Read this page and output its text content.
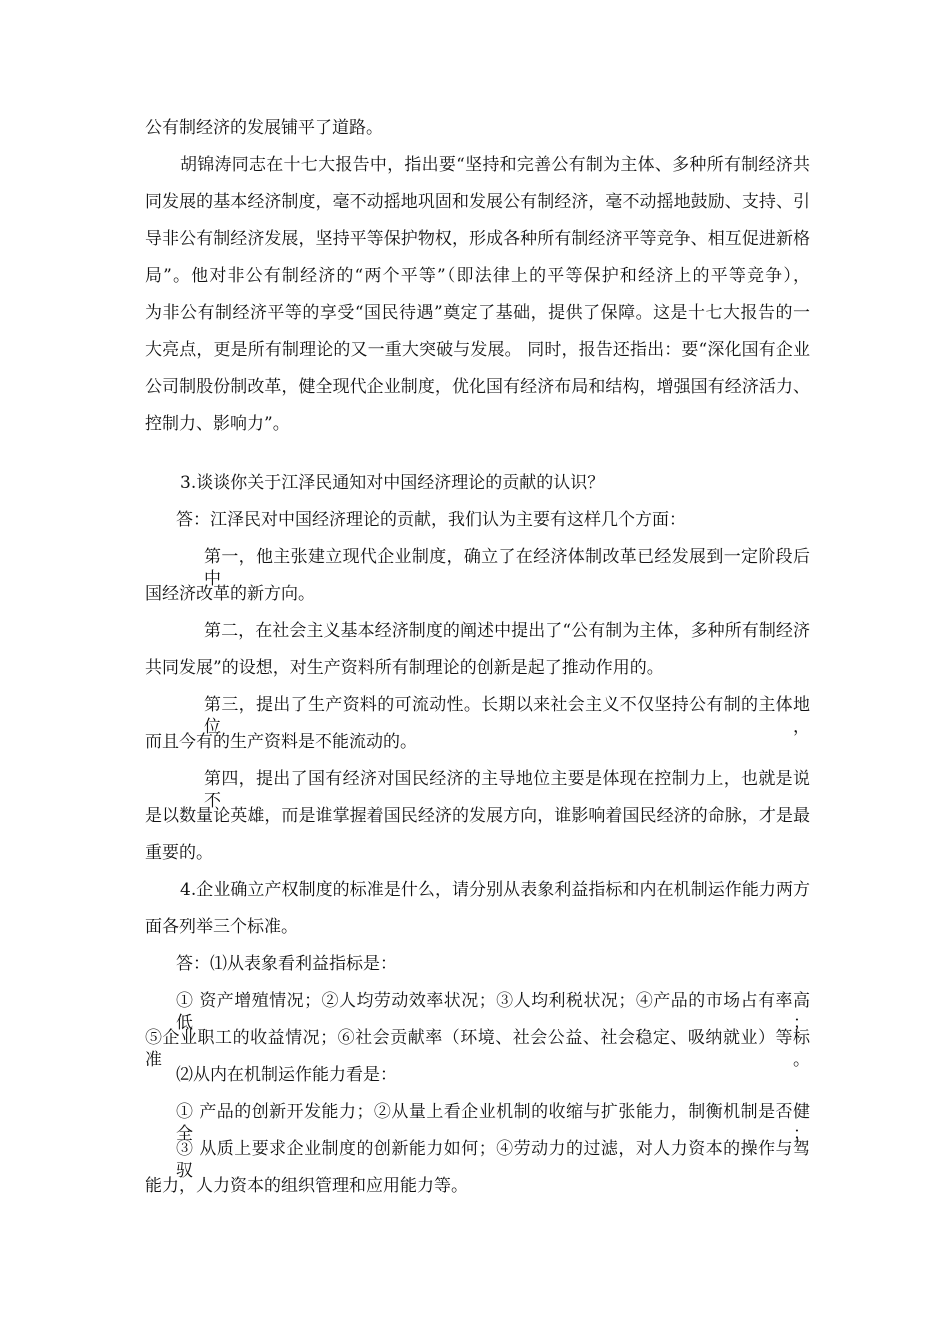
公有制经济的发展铺平了道路。
胡锦涛同志在十七大报告中，指出要“坚持和完善公有制为主体、多种所有制经济共
同发展的基本经济制度，毫不动摇地巩固和发展公有制经济，毫不动摇地鼓励、支持、引
导非公有制经济发展，坚持平等保护物权，形成各种所有制经济平等竞争、相互促进新格
局”。他对非公有制经济的“两个平等”（即法律上的平等保护和经济上的平等竞争），
为非公有制经济平等的享受“国民待遇”奠定了基础，提供了保障。这是十七大报告的一
大亮点，更是所有制理论的又一重大突破与发展。 同时，报告还指出：要“深化国有企业
公司制股份制改革，健全现代企业制度，优化国有经济布局和结构，增强国有经济活力、
控制力、影响力”。
3.谈谈你关于江泽民通知对中国经济理论的贡献的认识？
答：江泽民对中国经济理论的贡献，我们认为主要有这样几个方面：
第一，他主张建立现代企业制度，确立了在经济体制改革已经发展到一定阶段后中
国经济改革的新方向。
第二，在社会主义基本经济制度的阐述中提出了“公有制为主体，多种所有制经济
共同发展”的设想，对生产资料所有制理论的创新是起了推动作用的。
第三，提出了生产资料的可流动性。长期以来社会主义不仅坚持公有制的主体地位，
而且今有的生产资料是不能流动的。
第四，提出了国有经济对国民经济的主导地位主要是体现在控制力上，也就是说不
是以数量论英雄，而是谁掌握着国民经济的发展方向，谁影响着国民经济的命脉，才是最
重要的。
4.企业确立产权制度的标准是什么，请分别从表象利益指标和内在机制运作能力两方
面各列举三个标准。
答：⑴从表象看利益指标是：
① 资产增殖情况；②人均劳动效率状况；③人均利税状况；④产品的市场占有率高低；
⑤企业职工的收益情况；⑥社会贡献率（环境、社会公益、社会稳定、吸纳就业）等标准。
⑵从内在机制运作能力看是：
① 产品的创新开发能力；②从量上看企业机制的收缩与扩张能力，制衡机制是否健全；
③ 从质上要求企业制度的创新能力如何；④劳动力的过滤，对人力资本的操作与驾驭
能力，人力资本的组织管理和应用能力等。
